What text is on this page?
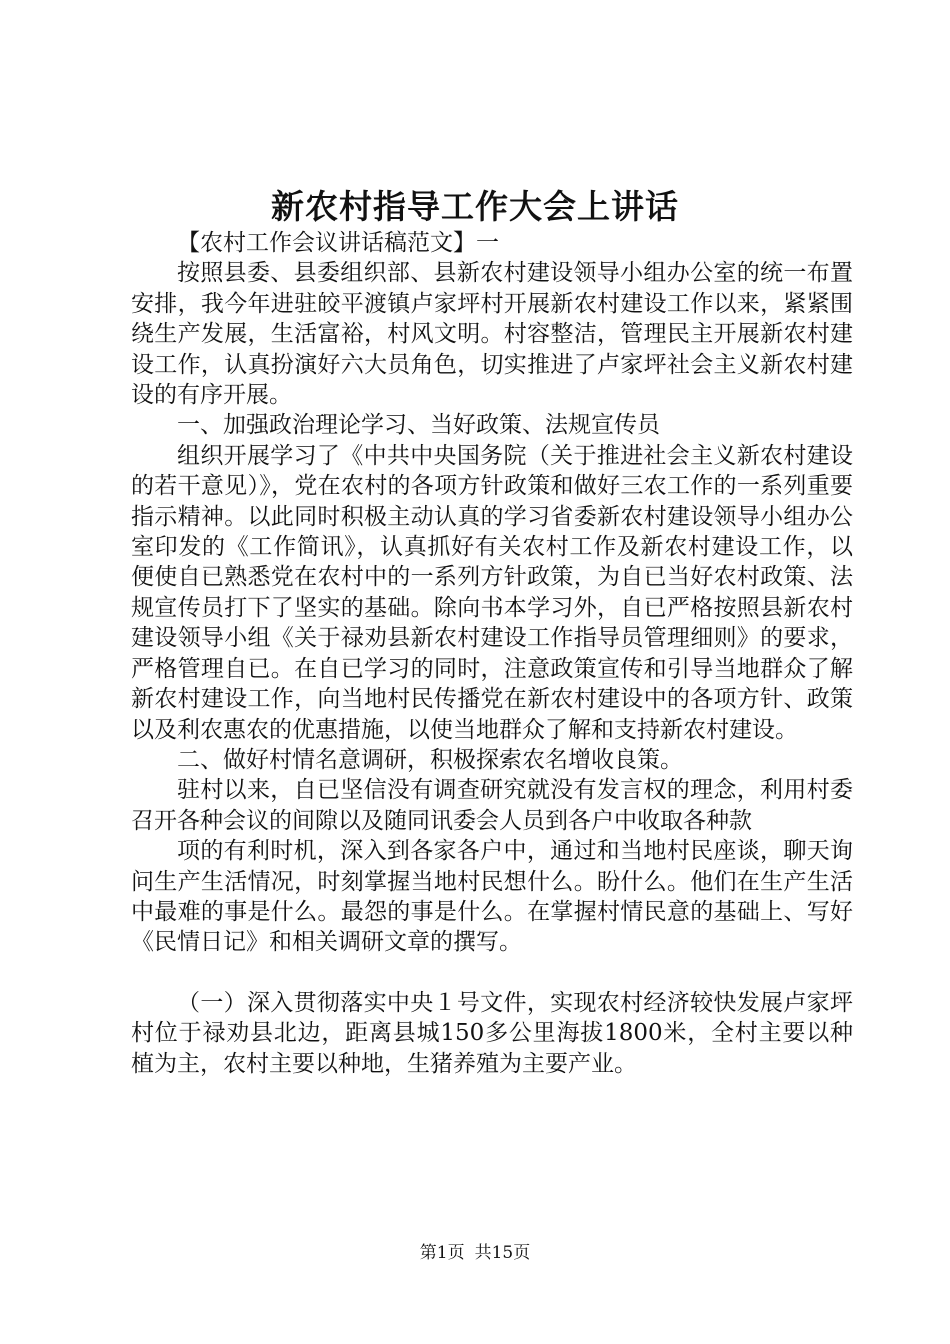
新农村指导工作大会上讲话

【农村工作会议讲话稿范文】一

按照县委、县委组织部、县新农村建设领导小组办公室的统一布置安排，我今年进驻皎平渡镇卢家坪村开展新农村建设工作以来，紧紧围绕生产发展，生活富裕，村风文明。村容整洁，管理民主开展新农村建设工作，认真扮演好六大员角色，切实推进了卢家坪社会主义新农村建设的有序开展。

一、加强政治理论学习、当好政策、法规宣传员

组织开展学习了《中共中央国务院（关于推进社会主义新农村建设的若干意见）》，党在农村的各项方针政策和做好三农工作的一系列重要指示精神。以此同时积极主动认真的学习省委新农村建设领导小组办公室印发的《工作简讯》，认真抓好有关农村工作及新农村建设工作，以便使自已熟悉党在农村中的一系列方针政策，为自已当好农村政策、法规宣传员打下了坚实的基础。除向书本学习外，自已严格按照县新农村建设领导小组《关于禄劝县新农村建设工作指导员管理细则》的要求，严格管理自已。在自已学习的同时，注意政策宣传和引导当地群众了解新农村建设工作，向当地村民传播党在新农村建设中的各项方针、政策以及利农惠农的优惠措施，以使当地群众了解和支持新农村建设。

二、做好村情名意调研，积极探索农名增收良策。

驻村以来，自已坚信没有调查研究就没有发言权的理念，利用村委召开各种会议的间隙以及随同讯委会人员到各户中收取各种款

项的有利时机，深入到各家各户中，通过和当地村民座谈，聊天询问生产生活情况，时刻掌握当地村民想什么。盼什么。他们在生产生活中最难的事是什么。最怨的事是什么。在掌握村情民意的基础上、写好《民情日记》和相关调研文章的撰写。

（一）深入贯彻落实中央１号文件，实现农村经济较快发展卢家坪村位于禄劝县北边，距离县城150多公里海拔1800米，全村主要以种植为主，农村主要以种地，生猪养殖为主要产业。

第1页 共15页
